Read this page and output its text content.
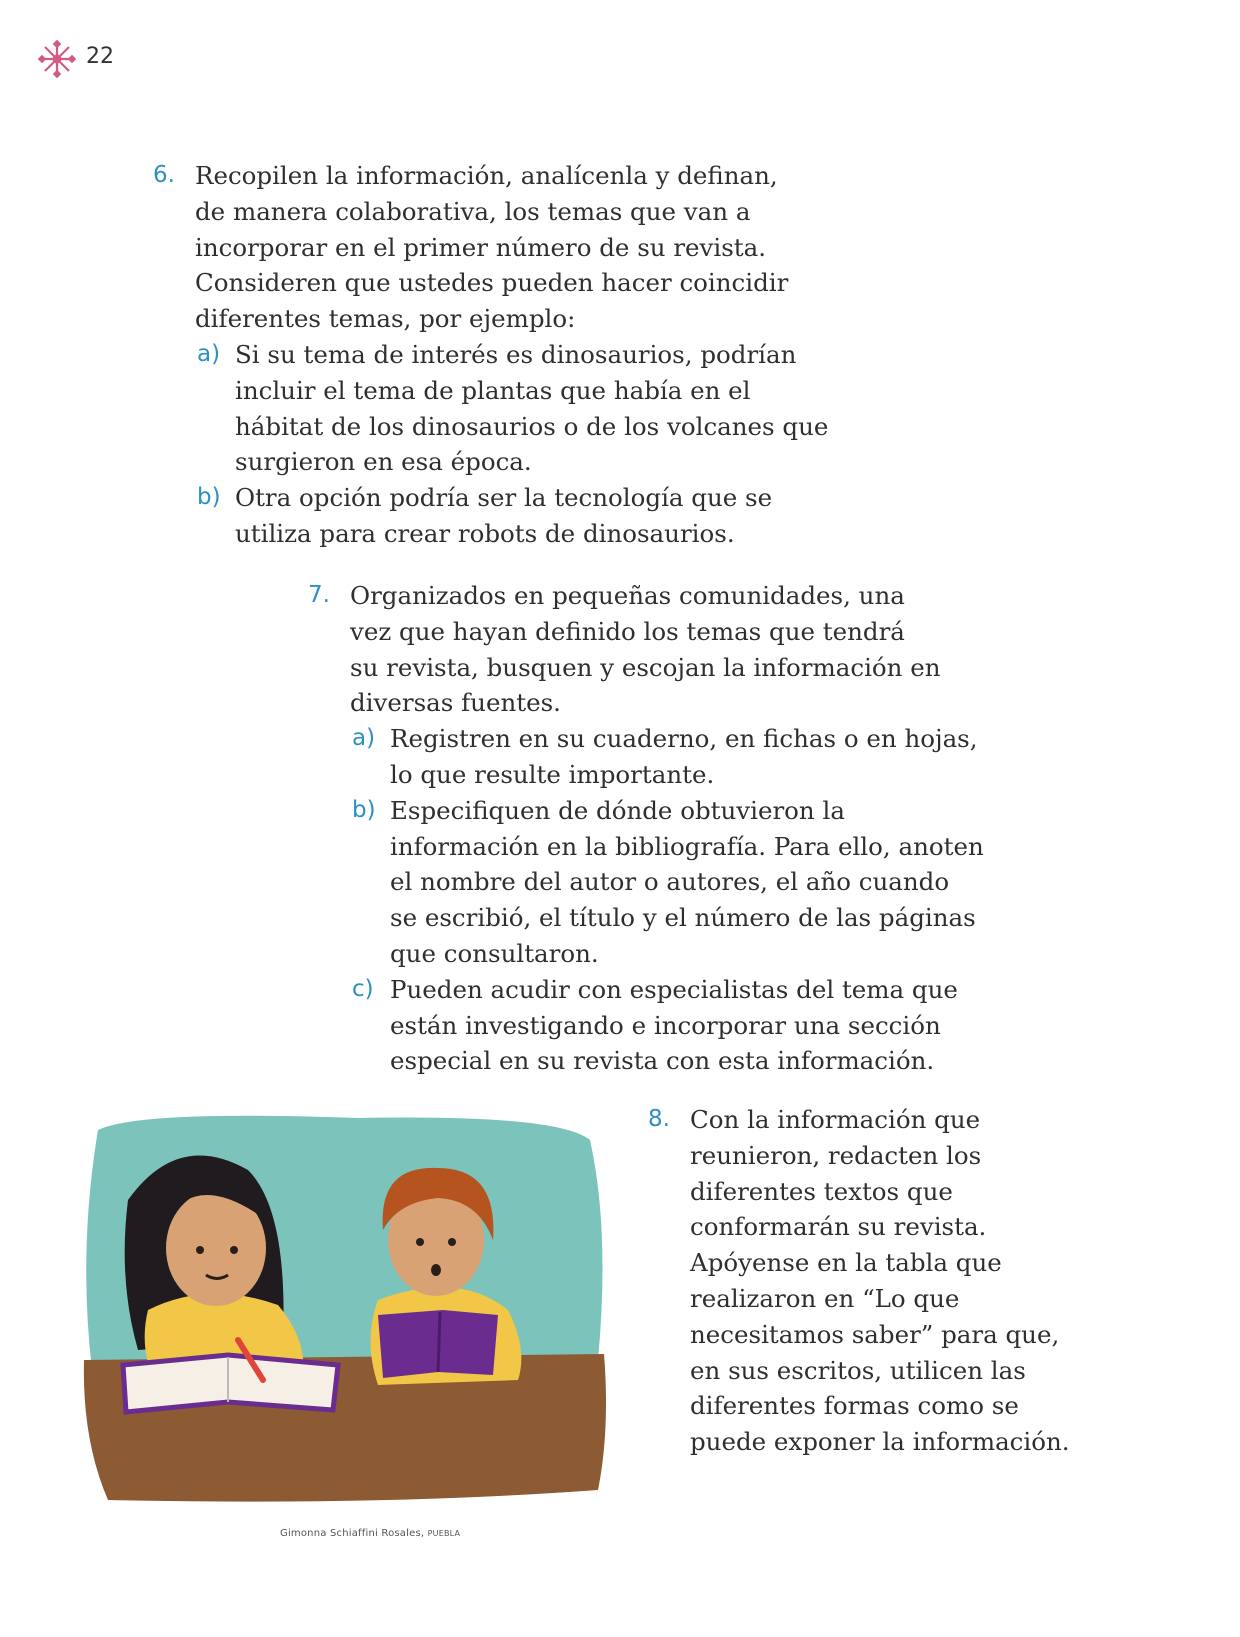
22
6. Recopilen la información, analícenla y definan,
de manera colaborativa, los temas que van a
incorporar en el primer número de su revista.
Consideren que ustedes pueden hacer coincidir
diferentes temas, por ejemplo:
a) Si su tema de interés es dinosaurios, podrían
incluir el tema de plantas que había en el
hábitat de los dinosaurios o de los volcanes que
surgieron en esa época.
b) Otra opción podría ser la tecnología que se
utiliza para crear robots de dinosaurios.
7. Organizados en pequeñas comunidades, una
vez que hayan definido los temas que tendrá
su revista, busquen y escojan la información en
diversas fuentes.
a) Registren en su cuaderno, en fichas o en hojas,
lo que resulte importante.
b) Especifiquen de dónde obtuvieron la
información en la bibliografía. Para ello, anoten
el nombre del autor o autores, el año cuando
se escribió, el título y el número de las páginas
que consultaron.
c) Pueden acudir con especialistas del tema que
están investigando e incorporar una sección
especial en su revista con esta información.
8. Con la información que
reunieron, redacten los
diferentes textos que
conformarán su revista.
Apóyense en la tabla que
realizaron en “Lo que
necesitamos saber” para que,
en sus escritos, utilicen las
diferentes formas como se
puede exponer la información.
Gimonna Schiaffini Rosales, PUEBLA
